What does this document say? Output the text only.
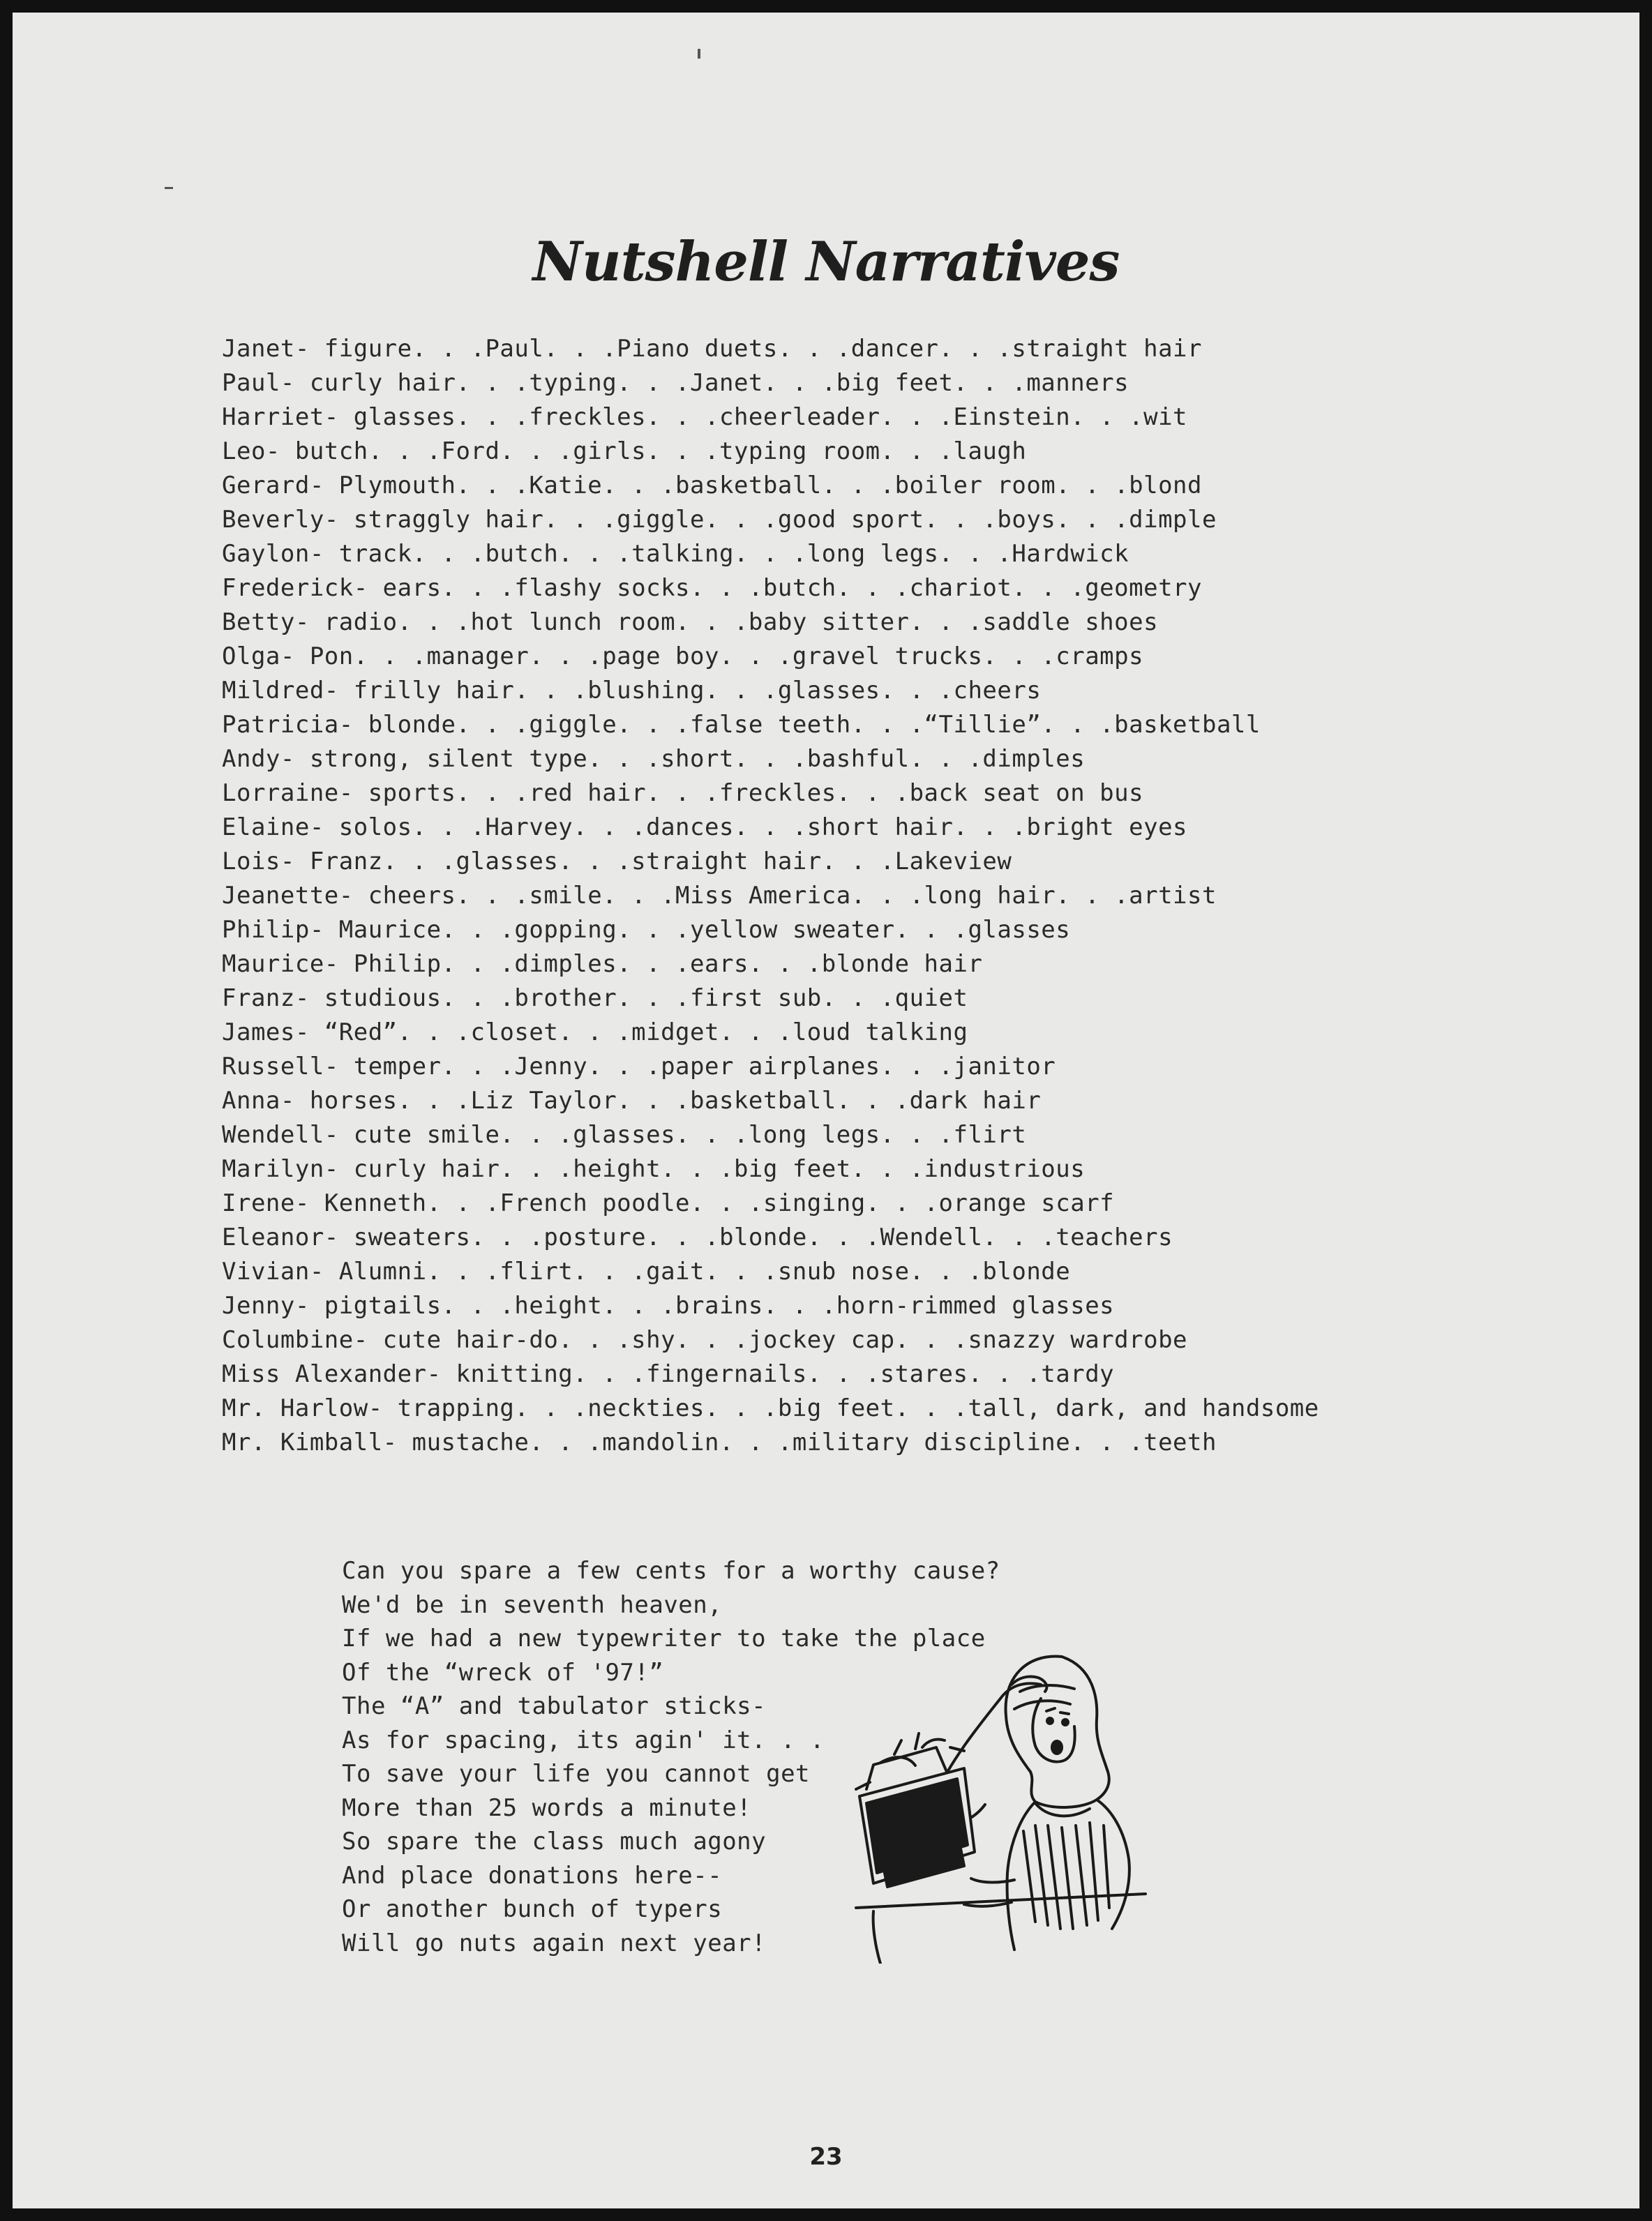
Nutshell Narratives
Janet- figure. . .Paul. . .Piano duets. . .dancer. . .straight hair
Paul- curly hair. . .typing. . .Janet. . .big feet. . .manners
Harriet- glasses. . .freckles. . .cheerleader. . .Einstein. . .wit
Leo- butch. . .Ford. . .girls. . .typing room. . .laugh
Gerard- Plymouth. . .Katie. . .basketball. . .boiler room. . .blond
Beverly- straggly hair. . .giggle. . .good sport. . .boys. . .dimple
Gaylon- track. . .butch. . .talking. . .long legs. . .Hardwick
Frederick- ears. . .flashy socks. . .butch. . .chariot. . .geometry
Betty- radio. . .hot lunch room. . .baby sitter. . .saddle shoes
Olga- Pon. . .manager. . .page boy. . .gravel trucks. . .cramps
Mildred- frilly hair. . .blushing. . .glasses. . .cheers
Patricia- blonde. . .giggle. . .false teeth. . .“Tillie”. . .basketball
Andy- strong, silent type. . .short. . .bashful. . .dimples
Lorraine- sports. . .red hair. . .freckles. . .back seat on bus
Elaine- solos. . .Harvey. . .dances. . .short hair. . .bright eyes
Lois- Franz. . .glasses. . .straight hair. . .Lakeview
Jeanette- cheers. . .smile. . .Miss America. . .long hair. . .artist
Philip- Maurice. . .gopping. . .yellow sweater. . .glasses
Maurice- Philip. . .dimples. . .ears. . .blonde hair
Franz- studious. . .brother. . .first sub. . .quiet
James- “Red”. . .closet. . .midget. . .loud talking
Russell- temper. . .Jenny. . .paper airplanes. . .janitor
Anna- horses. . .Liz Taylor. . .basketball. . .dark hair
Wendell- cute smile. . .glasses. . .long legs. . .flirt
Marilyn- curly hair. . .height. . .big feet. . .industrious
Irene- Kenneth. . .French poodle. . .singing. . .orange scarf
Eleanor- sweaters. . .posture. . .blonde. . .Wendell. . .teachers
Vivian- Alumni. . .flirt. . .gait. . .snub nose. . .blonde
Jenny- pigtails. . .height. . .brains. . .horn-rimmed glasses
Columbine- cute hair-do. . .shy. . .jockey cap. . .snazzy wardrobe
Miss Alexander- knitting. . .fingernails. . .stares. . .tardy
Mr. Harlow- trapping. . .neckties. . .big feet. . .tall, dark, and handsome
Mr. Kimball- mustache. . .mandolin. . .military discipline. . .teeth
Can you spare a few cents for a worthy cause?
We'd be in seventh heaven,
If we had a new typewriter to take the place
Of the “wreck of '97!”
The “A” and tabulator sticks-
As for spacing, its agin' it. . .
To save your life you cannot get
More than 25 words a minute!
So spare the class much agony
And place donations here--
Or another bunch of typers
Will go nuts again next year!
23
